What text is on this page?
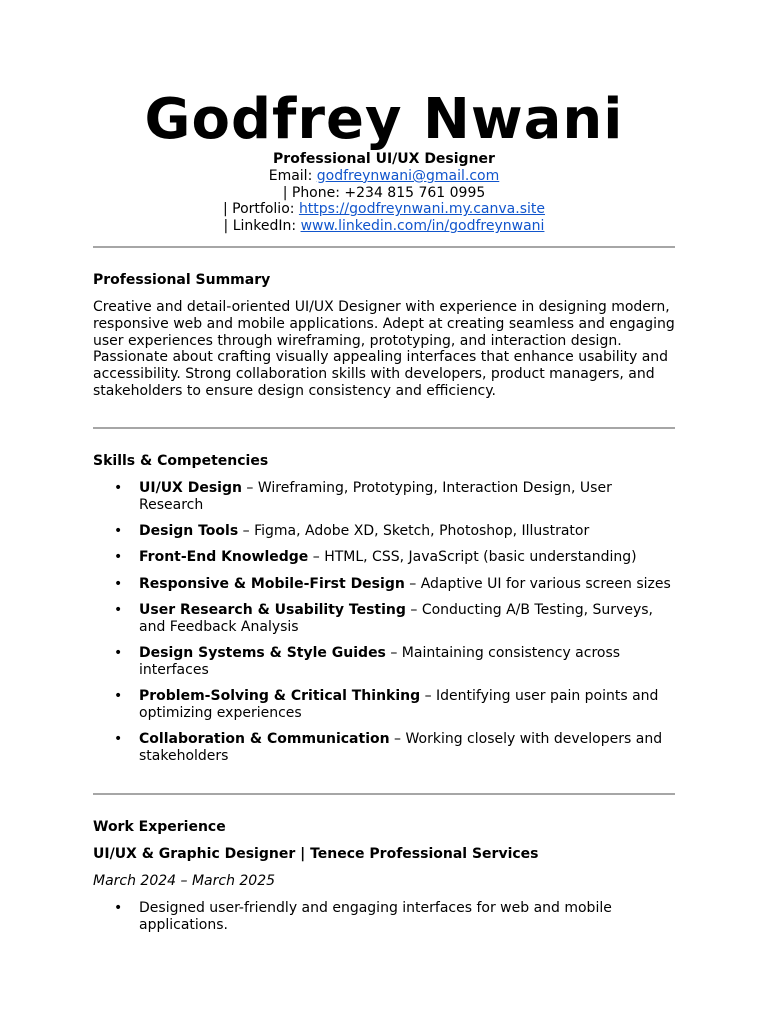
Godfrey Nwani
Professional UI/UX Designer
Email: godfreynwani@gmail.com
| Phone: +234 815 761 0995
| Portfolio: https://godfreynwani.my.canva.site
| LinkedIn: www.linkedin.com/in/godfreynwani
Professional Summary
Creative and detail-oriented UI/UX Designer with experience in designing modern, responsive web and mobile applications. Adept at creating seamless and engaging user experiences through wireframing, prototyping, and interaction design. Passionate about crafting visually appealing interfaces that enhance usability and accessibility. Strong collaboration skills with developers, product managers, and stakeholders to ensure design consistency and efficiency.
Skills & Competencies
• UI/UX Design – Wireframing, Prototyping, Interaction Design, User Research
• Design Tools – Figma, Adobe XD, Sketch, Photoshop, Illustrator
• Front-End Knowledge – HTML, CSS, JavaScript (basic understanding)
• Responsive & Mobile-First Design – Adaptive UI for various screen sizes
• User Research & Usability Testing – Conducting A/B Testing, Surveys, and Feedback Analysis
• Design Systems & Style Guides – Maintaining consistency across interfaces
• Problem-Solving & Critical Thinking – Identifying user pain points and optimizing experiences
• Collaboration & Communication – Working closely with developers and stakeholders
Work Experience
UI/UX & Graphic Designer | Tenece Professional Services
March 2024 – March 2025
• Designed user-friendly and engaging interfaces for web and mobile applications.
